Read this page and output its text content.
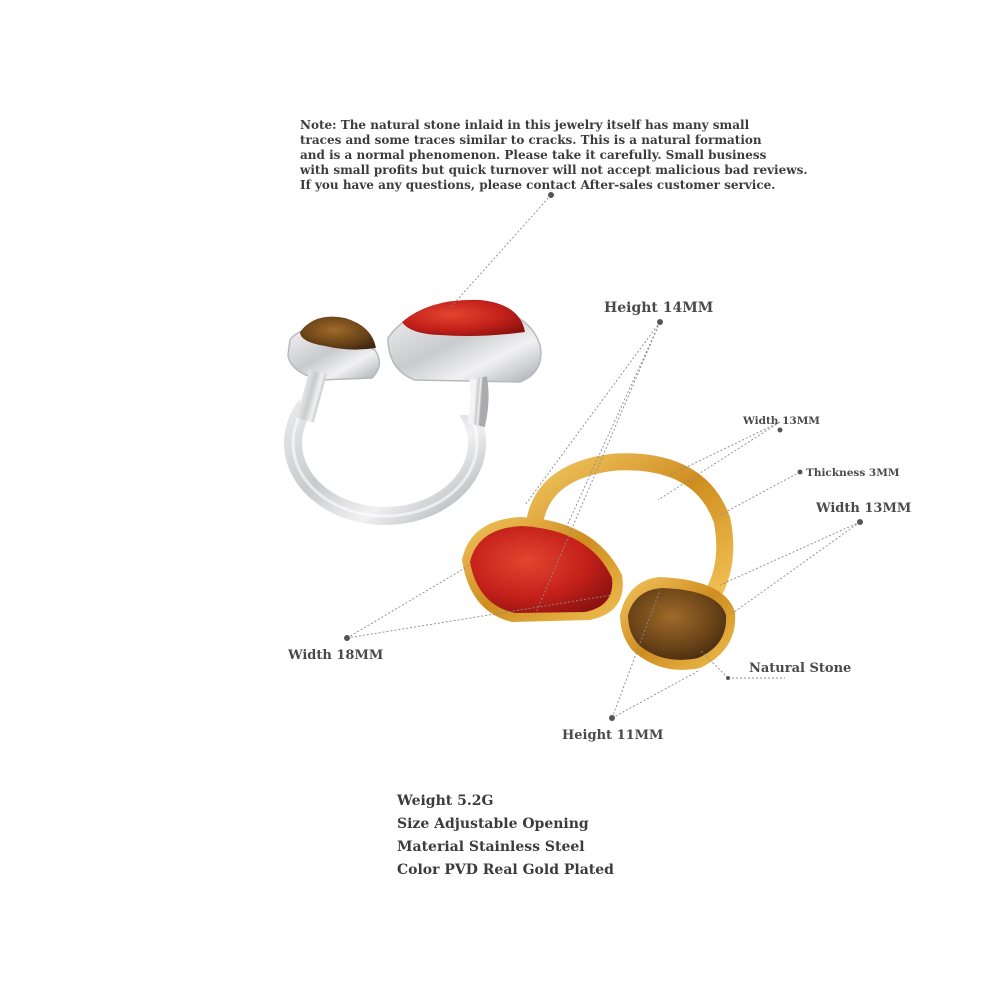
Note: The natural stone inlaid in this jewelry itself has many small
traces and some traces similar to cracks. This is a natural formation
and is a normal phenomenon. Please take it carefully. Small business
with small profits but quick turnover will not accept malicious bad reviews.
If you have any questions, please contact After-sales customer service.
Height 14MM
Width 13MM
Thickness 3MM
Width 13MM
Width 18MM
Natural Stone
Height 11MM
Weight 5.2G
Size Adjustable Opening
Material Stainless Steel
Color PVD Real Gold Plated
